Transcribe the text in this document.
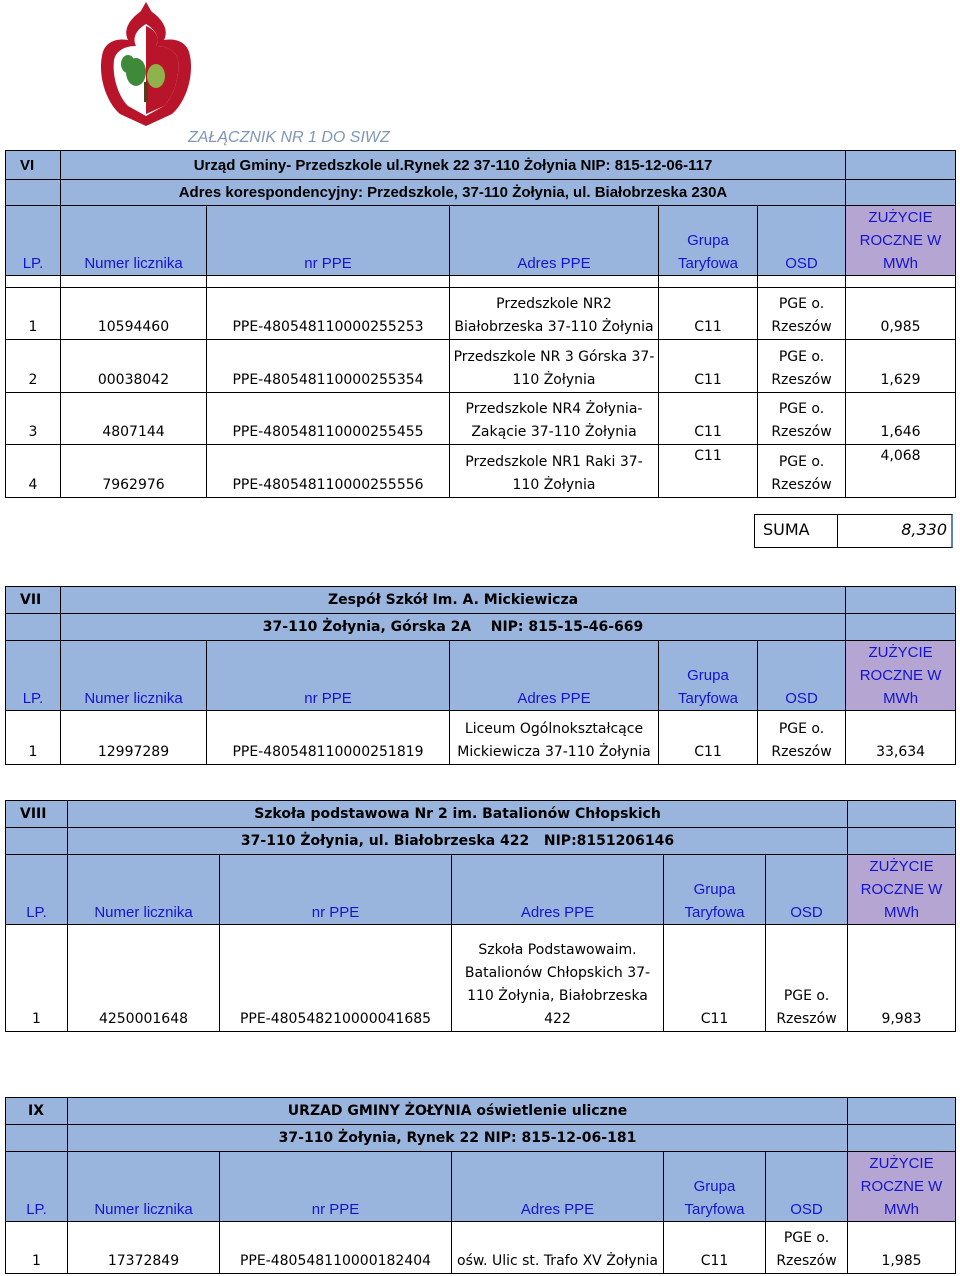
ZAŁĄCZNIK NR 1 DO SIWZ
VI	Urząd Gminy- Przedszkole ul.Rynek 22 37-110 Żołynia NIP: 815-12-06-117					
	Adres korespondencyjny: Przedszkole, 37-110 Żołynia, ul. Białobrzeska 230A					
LP.	Numer licznika	nr PPE	Adres PPE	Grupa Taryfowa	OSD	ZUŻYCIE ROCZNE W MWh

1	10594460	PPE-480548110000255253	Przedszkole NR2 Białobrzeska 37-110 Żołynia	C11	PGE o. Rzeszów	0,985
2	00038042	PPE-480548110000255354	Przedszkole NR 3 Górska 37-110 Żołynia	C11	PGE o. Rzeszów	1,629
3	4807144	PPE-480548110000255455	Przedszkole NR4 Żołynia-Zakącie 37-110 Żołynia	C11	PGE o. Rzeszów	1,646
4	7962976	PPE-480548110000255556	Przedszkole NR1 Raki 37-110 Żołynia	C11	PGE o. Rzeszów	4,068
SUMA	8,330
VII	Zespół Szkół Im. A. Mickiewicza					
	37-110 Żołynia, Górska 2A    NIP: 815-15-46-669					
LP.	Numer licznika	nr PPE	Adres PPE	Grupa Taryfowa	OSD	ZUŻYCIE ROCZNE W MWh
1	12997289	PPE-480548110000251819	Liceum Ogólnokształcące Mickiewicza 37-110 Żołynia	C11	PGE o. Rzeszów	33,634
VIII	Szkoła podstawowa Nr 2 im. Batalionów Chłopskich					
	37-110 Żołynia, ul. Białobrzeska 422   NIP:8151206146					
LP.	Numer licznika	nr PPE	Adres PPE	Grupa Taryfowa	OSD	ZUŻYCIE ROCZNE W MWh
1	4250001648	PPE-480548210000041685	Szkoła Podstawowaim. Batalionów Chłopskich 37-110 Żołynia, Białobrzeska 422	C11	PGE o. Rzeszów	9,983
IX	URZAD GMINY ŻOŁYNIA oświetlenie uliczne					
	37-110 Żołynia, Rynek 22 NIP: 815-12-06-181					
LP.	Numer licznika	nr PPE	Adres PPE	Grupa Taryfowa	OSD	ZUŻYCIE ROCZNE W MWh
1	17372849	PPE-480548110000182404	ośw. Ulic st. Trafo XV Żołynia	C11	PGE o. Rzeszów	1,985
